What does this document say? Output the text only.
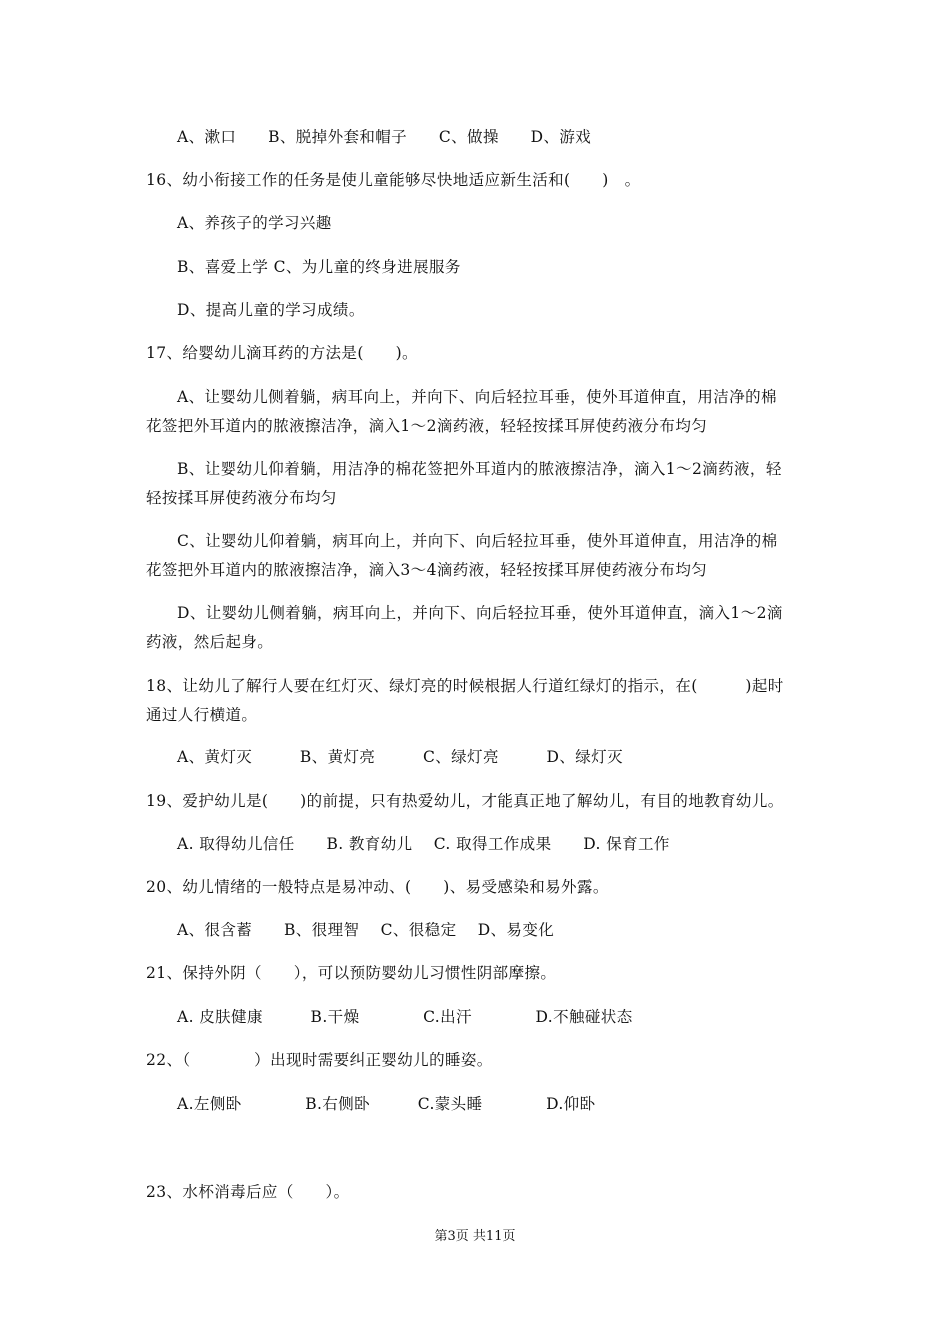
A、漱口　　B、脱掉外套和帽子　　C、做操　　D、游戏
16、幼小衔接工作的任务是使儿童能够尽快地适应新生活和(　　)　。
A、养孩子的学习兴趣
B、喜爱上学 C、为儿童的终身进展服务
D、提高儿童的学习成绩。
17、给婴幼儿滴耳药的方法是(　　)。
A、让婴幼儿侧着躺，病耳向上，并向下、向后轻拉耳垂，使外耳道伸直，用洁净的棉
花签把外耳道内的脓液擦洁净，滴入1～2滴药液，轻轻按揉耳屏使药液分布均匀
B、让婴幼儿仰着躺，用洁净的棉花签把外耳道内的脓液擦洁净，滴入1～2滴药液，轻
轻按揉耳屏使药液分布均匀
C、让婴幼儿仰着躺，病耳向上，并向下、向后轻拉耳垂，使外耳道伸直，用洁净的棉
花签把外耳道内的脓液擦洁净，滴入3～4滴药液，轻轻按揉耳屏使药液分布均匀
D、让婴幼儿侧着躺，病耳向上，并向下、向后轻拉耳垂，使外耳道伸直，滴入1～2滴
药液，然后起身。
18、让幼儿了解行人要在红灯灭、绿灯亮的时候根据人行道红绿灯的指示，在(　　　)起时
通过人行横道。
A、黄灯灭　　　B、黄灯亮　　　C、绿灯亮　　　D、绿灯灭
19、爱护幼儿是(　　)的前提，只有热爱幼儿，才能真正地了解幼儿，有目的地教育幼儿。
A. 取得幼儿信任　　B. 教育幼儿　 C. 取得工作成果　　D. 保育工作
20、幼儿情绪的一般特点是易冲动、(　　)、易受感染和易外露。
A、很含蓄　　B、很理智　 C、很稳定　 D、易变化
21、保持外阴（　　），可以预防婴幼儿习惯性阴部摩擦。
A. 皮肤健康　　　B.干燥　　　　C.出汗　　　　D.不触碰状态
22、（　　　　）出现时需要纠正婴幼儿的睡姿。
A.左侧卧　　　　B.右侧卧　　　C.蒙头睡　　　　D.仰卧
23、水杯消毒后应（　　）。
第3页 共11页
